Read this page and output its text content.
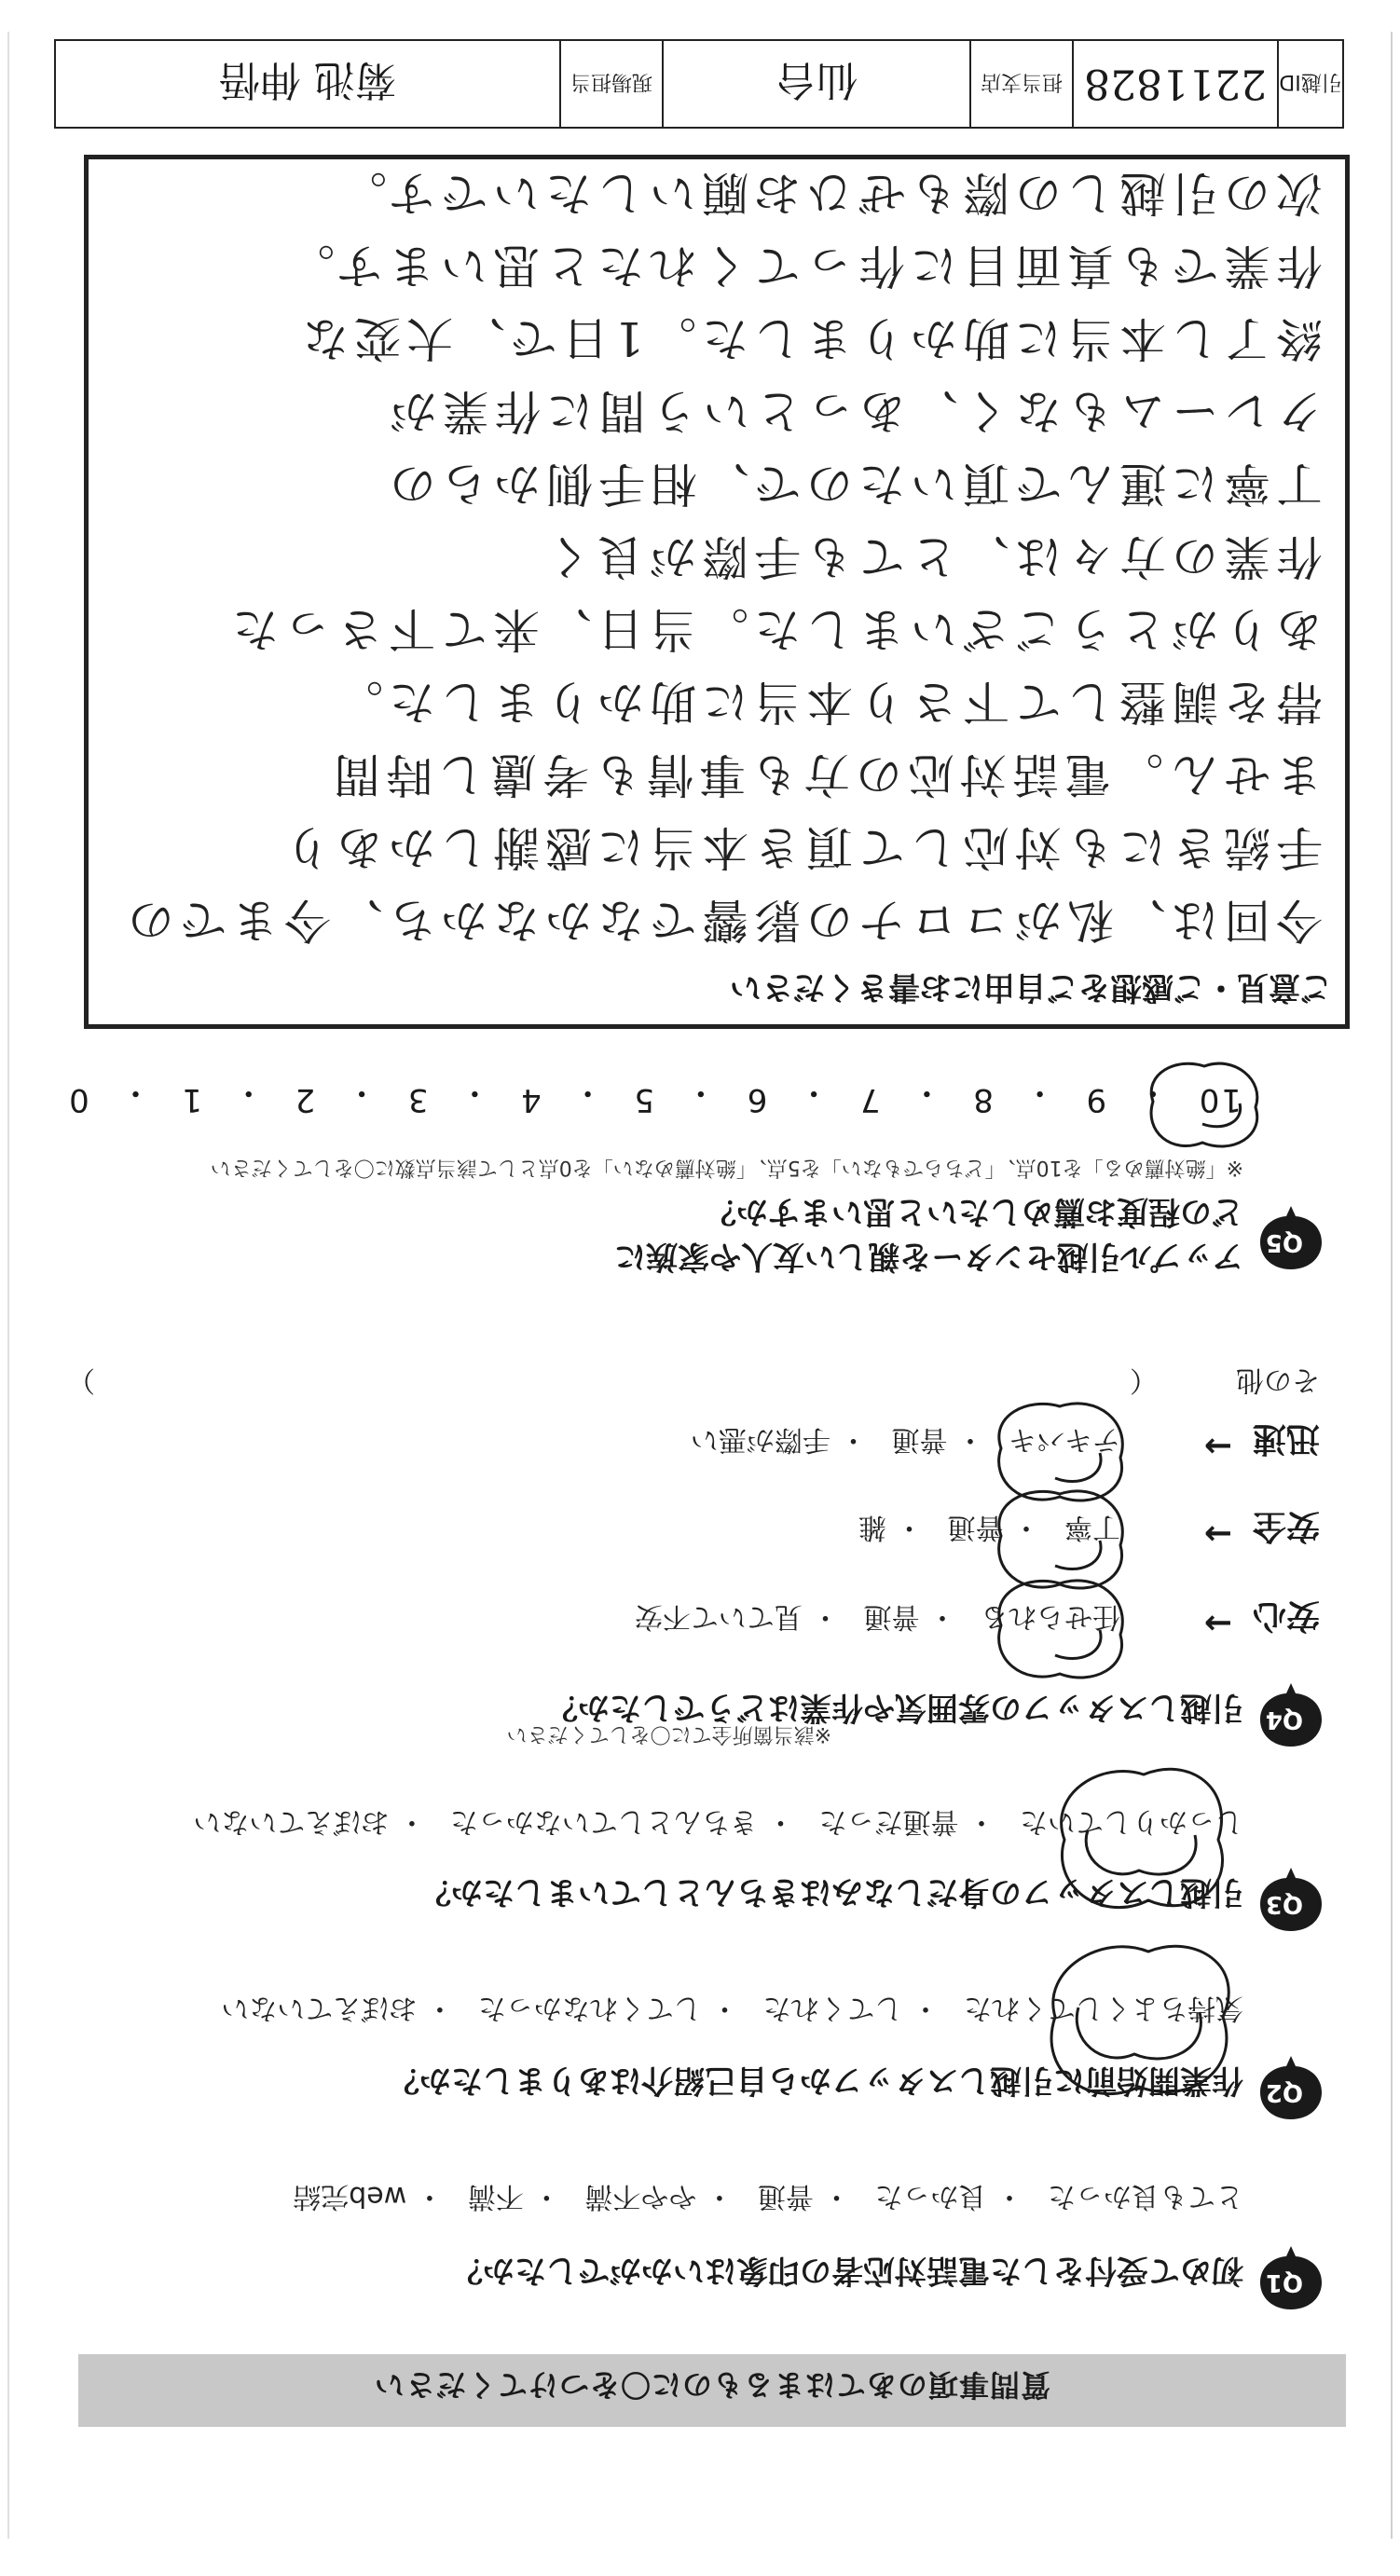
質問事項のあてはまるものに〇をつけてください
Q1
初めて受付をした電話対応者の印象はいかがでしたか？
とても良かった・ 良かった・ 普通・ やや不満・ 不満・ web完結
Q2
作業開始前に引越しスタッフから自己紹介はありましたか？
気持ちよくしてくれた・ してくれた・ してくれなかった・ おぼえていない
Q3
引越しスタッフの身だしなみはきちんとしていましたか？
しっかりしていた・ 普通だった・ きちんとしていなかった・ おぼえていない
Q4
引越しスタッフの雰囲気や作業はどうでしたか？
※該当箇所全てに〇をしてください
安心
→
任せられる・ 普通・ 見ていて不安
安全
→
丁寧・ 普通・ 雑
迅速
→
テキパキ・ 普通・ 手際が悪い
その他
（
）
Q5
アップル引越センターを親しい友人や家族に
どの程度お薦めしたいと思いますか？
※「絶対薦める」を10点、「どちらでもない」を5点、「絶対薦めない」を0点として該当点数に〇をしてください
10
・
9
・
8
・
7
・
6
・
5
・
4
・
3
・
2
・
1
・
0
ご意見・ご感想をご自由にお書きください
今回は、私がコロナの影響でなかなかち、今までの
手続きにも対応して頂き本当に感謝しかあり
ません。電話対応の方も事情も考慮し時間
帯を調整して下さり本当に助かりました。
ありがとうございました。当日、来て下さった
作業の方々は、とても手際が良く
丁寧に運んで頂いたので、相手側からの
クレームもなく、あっという間に作業が
終了し本当に助かりました。1日で、大変な
作業でも真面目に作ってくれたと思います。
次の引越しの際もぜひお願いしたいです。
引越ID
2211828
担当支店
仙台
現場担当
菊池 伸悟
